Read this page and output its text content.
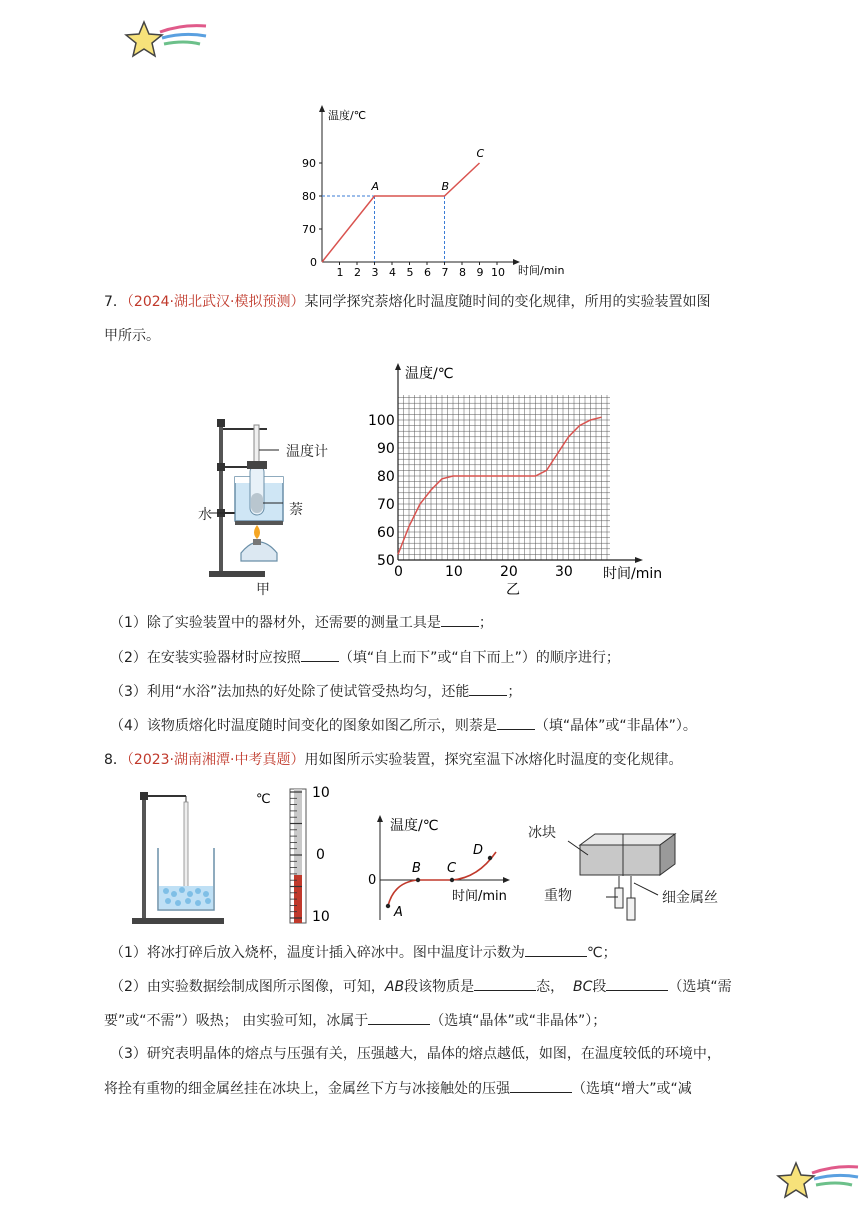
温度/℃
时间/min
0
70
80
90
1 2 3 4 5 6 7 8 9 10
A	B
C
7．（2024·湖北武汉·模拟预测）某同学探究萘熔化时温度随时间的变化规律，所用的实验装置如图
甲所示。
温度计
萘
水
甲
温度/℃
时间/min
50
60
70
80
90
100
0	10	20	30
乙
（1）除了实验装置中的器材外，还需要的测量工具是	；
（2）在安装实验器材时应按照	（填“自上而下”或“自下而上”）的顺序进行；
（3）利用“水浴”法加热的好处除了使试管受热均匀，还能	；
（4）该物质熔化时温度随时间变化的图象如图乙所示，则萘是	（填“晶体”或“非晶体”）。
8．（2023·湖南湘潭·中考真题）用如图所示实验装置，探究室温下冰熔化时温度的变化规律。
℃	10
0
10
温度/℃
时间/min
0
A
B C
D
冰块
重物	细金属丝
（1）将冰打碎后放入烧杯，温度计插入碎冰中。图中温度计示数为	℃；
（2）由实验数据绘制成图所示图像，可知，AB段该物质是	态， BC段	（选填“需
要”或“不需”）吸热； 由实验可知，冰属于	（选填“晶体”或“非晶体”）；
（3）研究表明晶体的熔点与压强有关，压强越大，晶体的熔点越低，如图，在温度较低的环境中，
将拴有重物的细金属丝挂在冰块上，金属丝下方与冰接触处的压强	（选填“增大”或“减
